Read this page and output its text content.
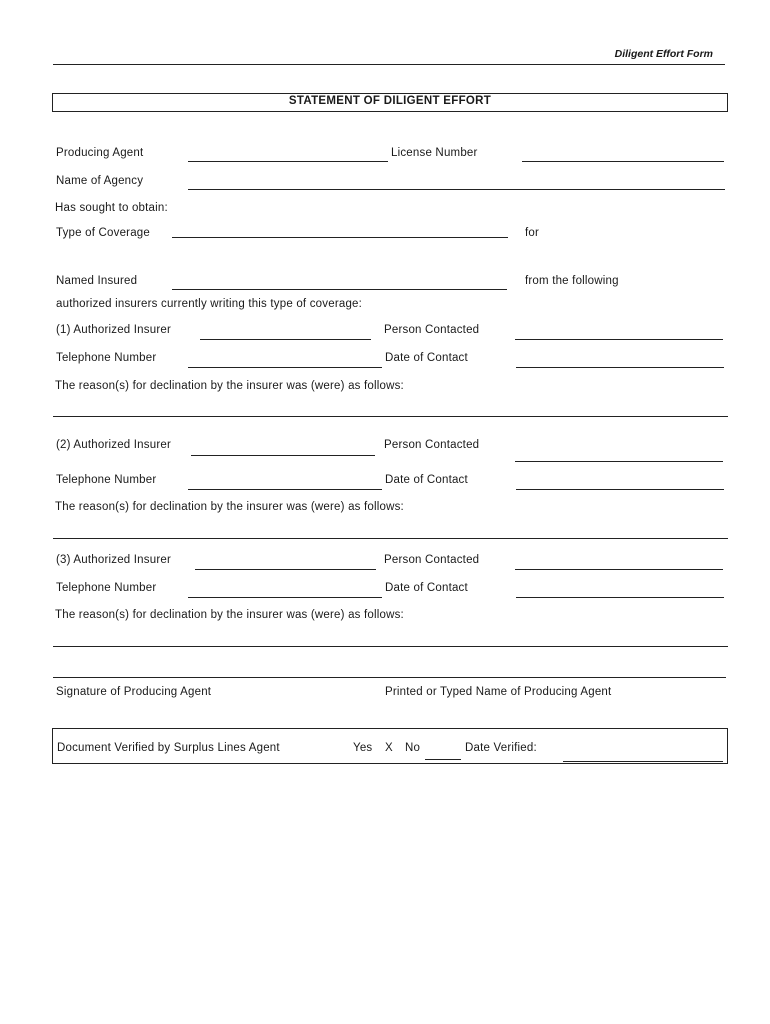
Diligent Effort Form
STATEMENT OF DILIGENT EFFORT
Producing Agent	License Number
Name of Agency
Has sought to obtain:
Type of Coverage	for
Named Insured	from the following
authorized insurers currently writing this type of coverage:
(1) Authorized Insurer	Person Contacted
Telephone Number	Date of Contact
The reason(s) for declination by the insurer was (were) as follows:
(2) Authorized Insurer	Person Contacted
Telephone Number	Date of Contact
The reason(s) for declination by the insurer was (were) as follows:
(3) Authorized Insurer	Person Contacted
Telephone Number	Date of Contact
The reason(s) for declination by the insurer was (were) as follows:
Signature of Producing Agent	Printed or Typed Name of Producing Agent
Document Verified by Surplus Lines Agent	Yes X No	Date Verified:
